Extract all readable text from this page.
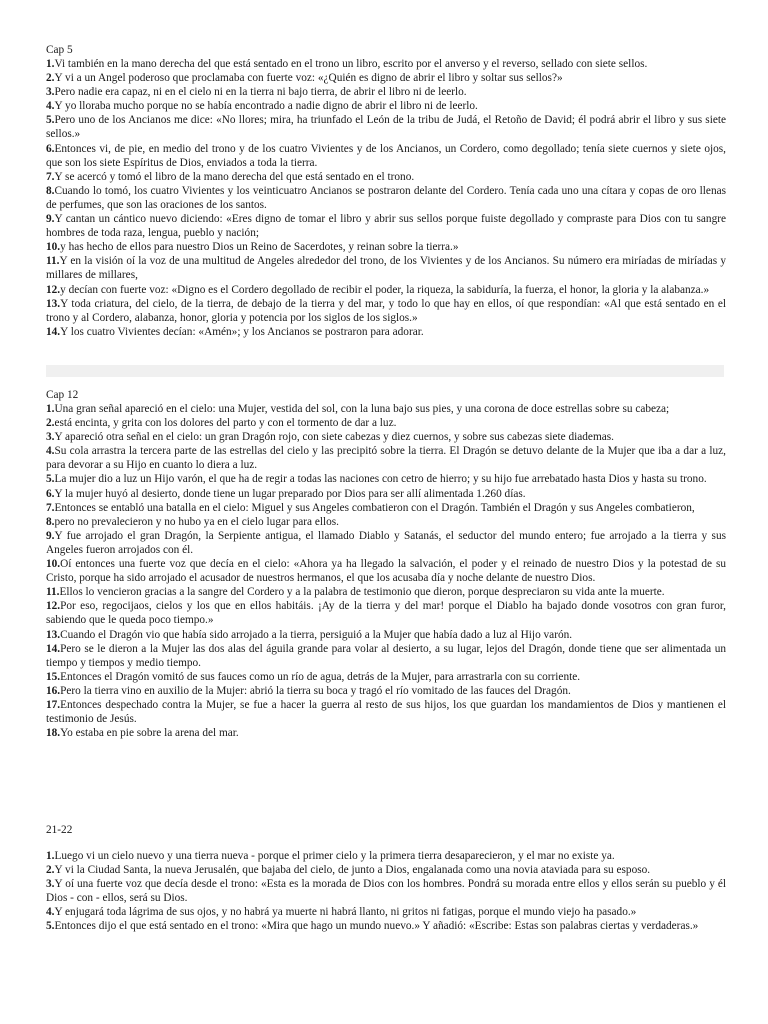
Cap 5

1.Vi también en la mano derecha del que está sentado en el trono un libro, escrito por el anverso y el reverso, sellado con siete sellos.

2.Y vi a un Angel poderoso que proclamaba con fuerte voz: «¿Quién es digno de abrir el libro y soltar sus sellos?»

3.Pero nadie era capaz, ni en el cielo ni en la tierra ni bajo tierra, de abrir el libro ni de leerlo.

4.Y yo lloraba mucho porque no se había encontrado a nadie digno de abrir el libro ni de leerlo.

5.Pero uno de los Ancianos me dice: «No llores; mira, ha triunfado el León de la tribu de Judá, el Retoño de David; él podrá abrir el libro y sus siete sellos.»

6.Entonces vi, de pie, en medio del trono y de los cuatro Vivientes y de los Ancianos, un Cordero, como degollado; tenía siete cuernos y siete ojos, que son los siete Espíritus de Dios, enviados a toda la tierra.

7.Y se acercó y tomó el libro de la mano derecha del que está sentado en el trono.

8.Cuando lo tomó, los cuatro Vivientes y los veinticuatro Ancianos se postraron delante del Cordero. Tenía cada uno una cítara y copas de oro llenas de perfumes, que son las oraciones de los santos.

9.Y cantan un cántico nuevo diciendo: «Eres digno de tomar el libro y abrir sus sellos porque fuiste degollado y compraste para Dios con tu sangre hombres de toda raza, lengua, pueblo y nación;

10.y has hecho de ellos para nuestro Dios un Reino de Sacerdotes, y reinan sobre la tierra.»

11.Y en la visión oí la voz de una multitud de Angeles alrededor del trono, de los Vivientes y de los Ancianos. Su número era miríadas de miríadas y millares de millares,

12.y decían con fuerte voz: «Digno es el Cordero degollado de recibir el poder, la riqueza, la sabiduría, la fuerza, el honor, la gloria y la alabanza.»

13.Y toda criatura, del cielo, de la tierra, de debajo de la tierra y del mar, y todo lo que hay en ellos, oí que respondían: «Al que está sentado en el trono y al Cordero, alabanza, honor, gloria y potencia por los siglos de los siglos.»

14.Y los cuatro Vivientes decían: «Amén»; y los Ancianos se postraron para adorar.

Cap 12

1.Una gran señal apareció en el cielo: una Mujer, vestida del sol, con la luna bajo sus pies, y una corona de doce estrellas sobre su cabeza;

2.está encinta, y grita con los dolores del parto y con el tormento de dar a luz.

3.Y apareció otra señal en el cielo: un gran Dragón rojo, con siete cabezas y diez cuernos, y sobre sus cabezas siete diademas.

4.Su cola arrastra la tercera parte de las estrellas del cielo y las precipitó sobre la tierra. El Dragón se detuvo delante de la Mujer que iba a dar a luz, para devorar a su Hijo en cuanto lo diera a luz.

5.La mujer dio a luz un Hijo varón, el que ha de regir a todas las naciones con cetro de hierro; y su hijo fue arrebatado hasta Dios y hasta su trono.

6.Y la mujer huyó al desierto, donde tiene un lugar preparado por Dios para ser allí alimentada 1.260 días.

7.Entonces se entabló una batalla en el cielo: Miguel y sus Angeles combatieron con el Dragón. También el Dragón y sus Angeles combatieron,

8.pero no prevalecieron y no hubo ya en el cielo lugar para ellos.

9.Y fue arrojado el gran Dragón, la Serpiente antigua, el llamado Diablo y Satanás, el seductor del mundo entero; fue arrojado a la tierra y sus Angeles fueron arrojados con él.

10.Oí entonces una fuerte voz que decía en el cielo: «Ahora ya ha llegado la salvación, el poder y el reinado de nuestro Dios y la potestad de su Cristo, porque ha sido arrojado el acusador de nuestros hermanos, el que los acusaba día y noche delante de nuestro Dios.

11.Ellos lo vencieron gracias a la sangre del Cordero y a la palabra de testimonio que dieron, porque despreciaron su vida ante la muerte.

12.Por eso, regocijaos, cielos y los que en ellos habitáis. ¡Ay de la tierra y del mar! porque el Diablo ha bajado donde vosotros con gran furor, sabiendo que le queda poco tiempo.»

13.Cuando el Dragón vio que había sido arrojado a la tierra, persiguió a la Mujer que había dado a luz al Hijo varón.

14.Pero se le dieron a la Mujer las dos alas del águila grande para volar al desierto, a su lugar, lejos del Dragón, donde tiene que ser alimentada un tiempo y tiempos y medio tiempo.

15.Entonces el Dragón vomitó de sus fauces como un río de agua, detrás de la Mujer, para arrastrarla con su corriente.

16.Pero la tierra vino en auxilio de la Mujer: abrió la tierra su boca y tragó el río vomitado de las fauces del Dragón.

17.Entonces despechado contra la Mujer, se fue a hacer la guerra al resto de sus hijos, los que guardan los mandamientos de Dios y mantienen el testimonio de Jesús.

18.Yo estaba en pie sobre la arena del mar.

21-22

1.Luego vi un cielo nuevo y una tierra nueva - porque el primer cielo y la primera tierra desaparecieron, y el mar no existe ya.

2.Y vi la Ciudad Santa, la nueva Jerusalén, que bajaba del cielo, de junto a Dios, engalanada como una novia ataviada para su esposo.

3.Y oí una fuerte voz que decía desde el trono: «Esta es la morada de Dios con los hombres. Pondrá su morada entre ellos y ellos serán su pueblo y él Dios - con - ellos, será su Dios.

4.Y enjugará toda lágrima de sus ojos, y no habrá ya muerte ni habrá llanto, ni gritos ni fatigas, porque el mundo viejo ha pasado.»

5.Entonces dijo el que está sentado en el trono: «Mira que hago un mundo nuevo.» Y añadió: «Escribe: Estas son palabras ciertas y verdaderas.»
